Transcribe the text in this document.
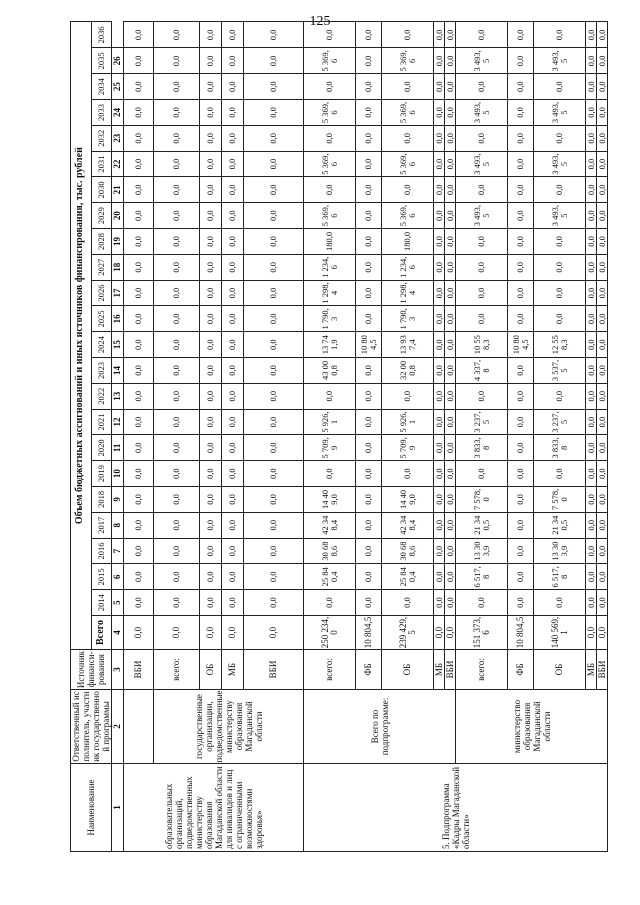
125
Наименование	Ответственный исполнитель, участник государственной программы	Источник финанси-рования	Объем бюджетных ассигнований и иных источников финансирования, тыс. рублей																							
			Всего	2014	2015	2016	2017	2018	2019	2020	2021	2022	2023	2024	2025	2026	2027	2028	2029	2030	2031	2032	2033	2034	2035	2036
1	2	3	4	5	6	7	8	9	10	11	12	13	14	15	16	17	18	19	20	21	22	23	24	25	26	
образовательных организаций, подведомственных министерству образования Магаданской области для инвалидов и лиц с ограниченными возможностями здоровья»		ВБИ	0,0	0,0	0,0	0,0	0,0	0,0	0,0	0,0	0,0	0,0	0,0	0,0	0,0	0,0	0,0	0,0	0,0	0,0	0,0	0,0	0,0	0,0	0,0	0,0
	государственные организации, подведомственные министерству образования Магаданской области	всего:	0,0	0,0	0,0	0,0	0,0	0,0	0,0	0,0	0,0	0,0	0,0	0,0	0,0	0,0	0,0	0,0	0,0	0,0	0,0	0,0	0,0	0,0	0,0	0,0
		ОБ	0,0	0,0	0,0	0,0	0,0	0,0	0,0	0,0	0,0	0,0	0,0	0,0	0,0	0,0	0,0	0,0	0,0	0,0	0,0	0,0	0,0	0,0	0,0	0,0
		МБ	0,0	0,0	0,0	0,0	0,0	0,0	0,0	0,0	0,0	0,0	0,0	0,0	0,0	0,0	0,0	0,0	0,0	0,0	0,0	0,0	0,0	0,0	0,0	0,0
		ВБИ	0,0	0,0	0,0	0,0	0,0	0,0	0,0	0,0	0,0	0,0	0,0	0,0	0,0	0,0	0,0	0,0	0,0	0,0	0,0	0,0	0,0	0,0	0,0	0,0
5. Подпрограмма «Кадры Магаданской области»	Всего по подпрограмме:	всего:	250 234,0	0,0	25 840,4	30 688,6	42 348,4	14 409,0	0,0	5 709,9	5 926,1	0,0	43 000,8	13 741,9	1 790,3	1 298,4	1 234,6	180,0	5 369,6	0,0	5 369,6	0,0	5 369,6	0,0	5 369,6	0,0
		ФБ	10 804,5	0,0	0,0	0,0	0,0	0,0	0,0	0,0	0,0	0,0	0,0	10 804,5	0,0	0,0	0,0	0,0	0,0	0,0	0,0	0,0	0,0	0,0	0,0	0,0
		ОБ	239 429,5	0,0	25 840,4	30 688,6	42 348,4	14 409,0	0,0	5 709,9	5 926,1	0,0	32 000,8	13 937,4	1 790,3	1 298,4	1 234,6	180,0	5 369,6	0,0	5 369,6	0,0	5 369,6	0,0	5 369,6	0,0
		МБ	0,0	0,0	0,0	0,0	0,0	0,0	0,0	0,0	0,0	0,0	0,0	0,0	0,0	0,0	0,0	0,0	0,0	0,0	0,0	0,0	0,0	0,0	0,0	0,0
		ВБИ	0,0	0,0	0,0	0,0	0,0	0,0	0,0	0,0	0,0	0,0	0,0	0,0	0,0	0,0	0,0	0,0	0,0	0,0	0,0	0,0	0,0	0,0	0,0	0,0
	министерство образования Магаданской области	всего:	151 373,6	0,0	6 517,8	13 303,9	21 340,5	7 578,0	0,0	3 833,8	3 237,5	0,0	4 337,8	10 558,3	0,0	0,0	0,0	0,0	3 493,5	0,0	3 493,5	0,0	3 493,5	0,0	3 493,5	0,0
		ФБ	10 804,5	0,0	0,0	0,0	0,0	0,0	0,0	0,0	0,0	0,0	0,0	10 804,5	0,0	0,0	0,0	0,0	0,0	0,0	0,0	0,0	0,0	0,0	0,0	0,0
		ОБ	140 569,1	0,0	6 517,8	13 303,9	21 340,5	7 578,0	0,0	3 833,8	3 237,5	0,0	3 537,5	12 558,3	0,0	0,0	0,0	0,0	3 493,5	0,0	3 493,5	0,0	3 493,5	0,0	3 493,5	0,0
		МБ	0,0	0,0	0,0	0,0	0,0	0,0	0,0	0,0	0,0	0,0	0,0	0,0	0,0	0,0	0,0	0,0	0,0	0,0	0,0	0,0	0,0	0,0	0,0	0,0
		ВБИ	0,0	0,0	0,0	0,0	0,0	0,0	0,0	0,0	0,0	0,0	0,0	0,0	0,0	0,0	0,0	0,0	0,0	0,0	0,0	0,0	0,0	0,0	0,0	0,0
